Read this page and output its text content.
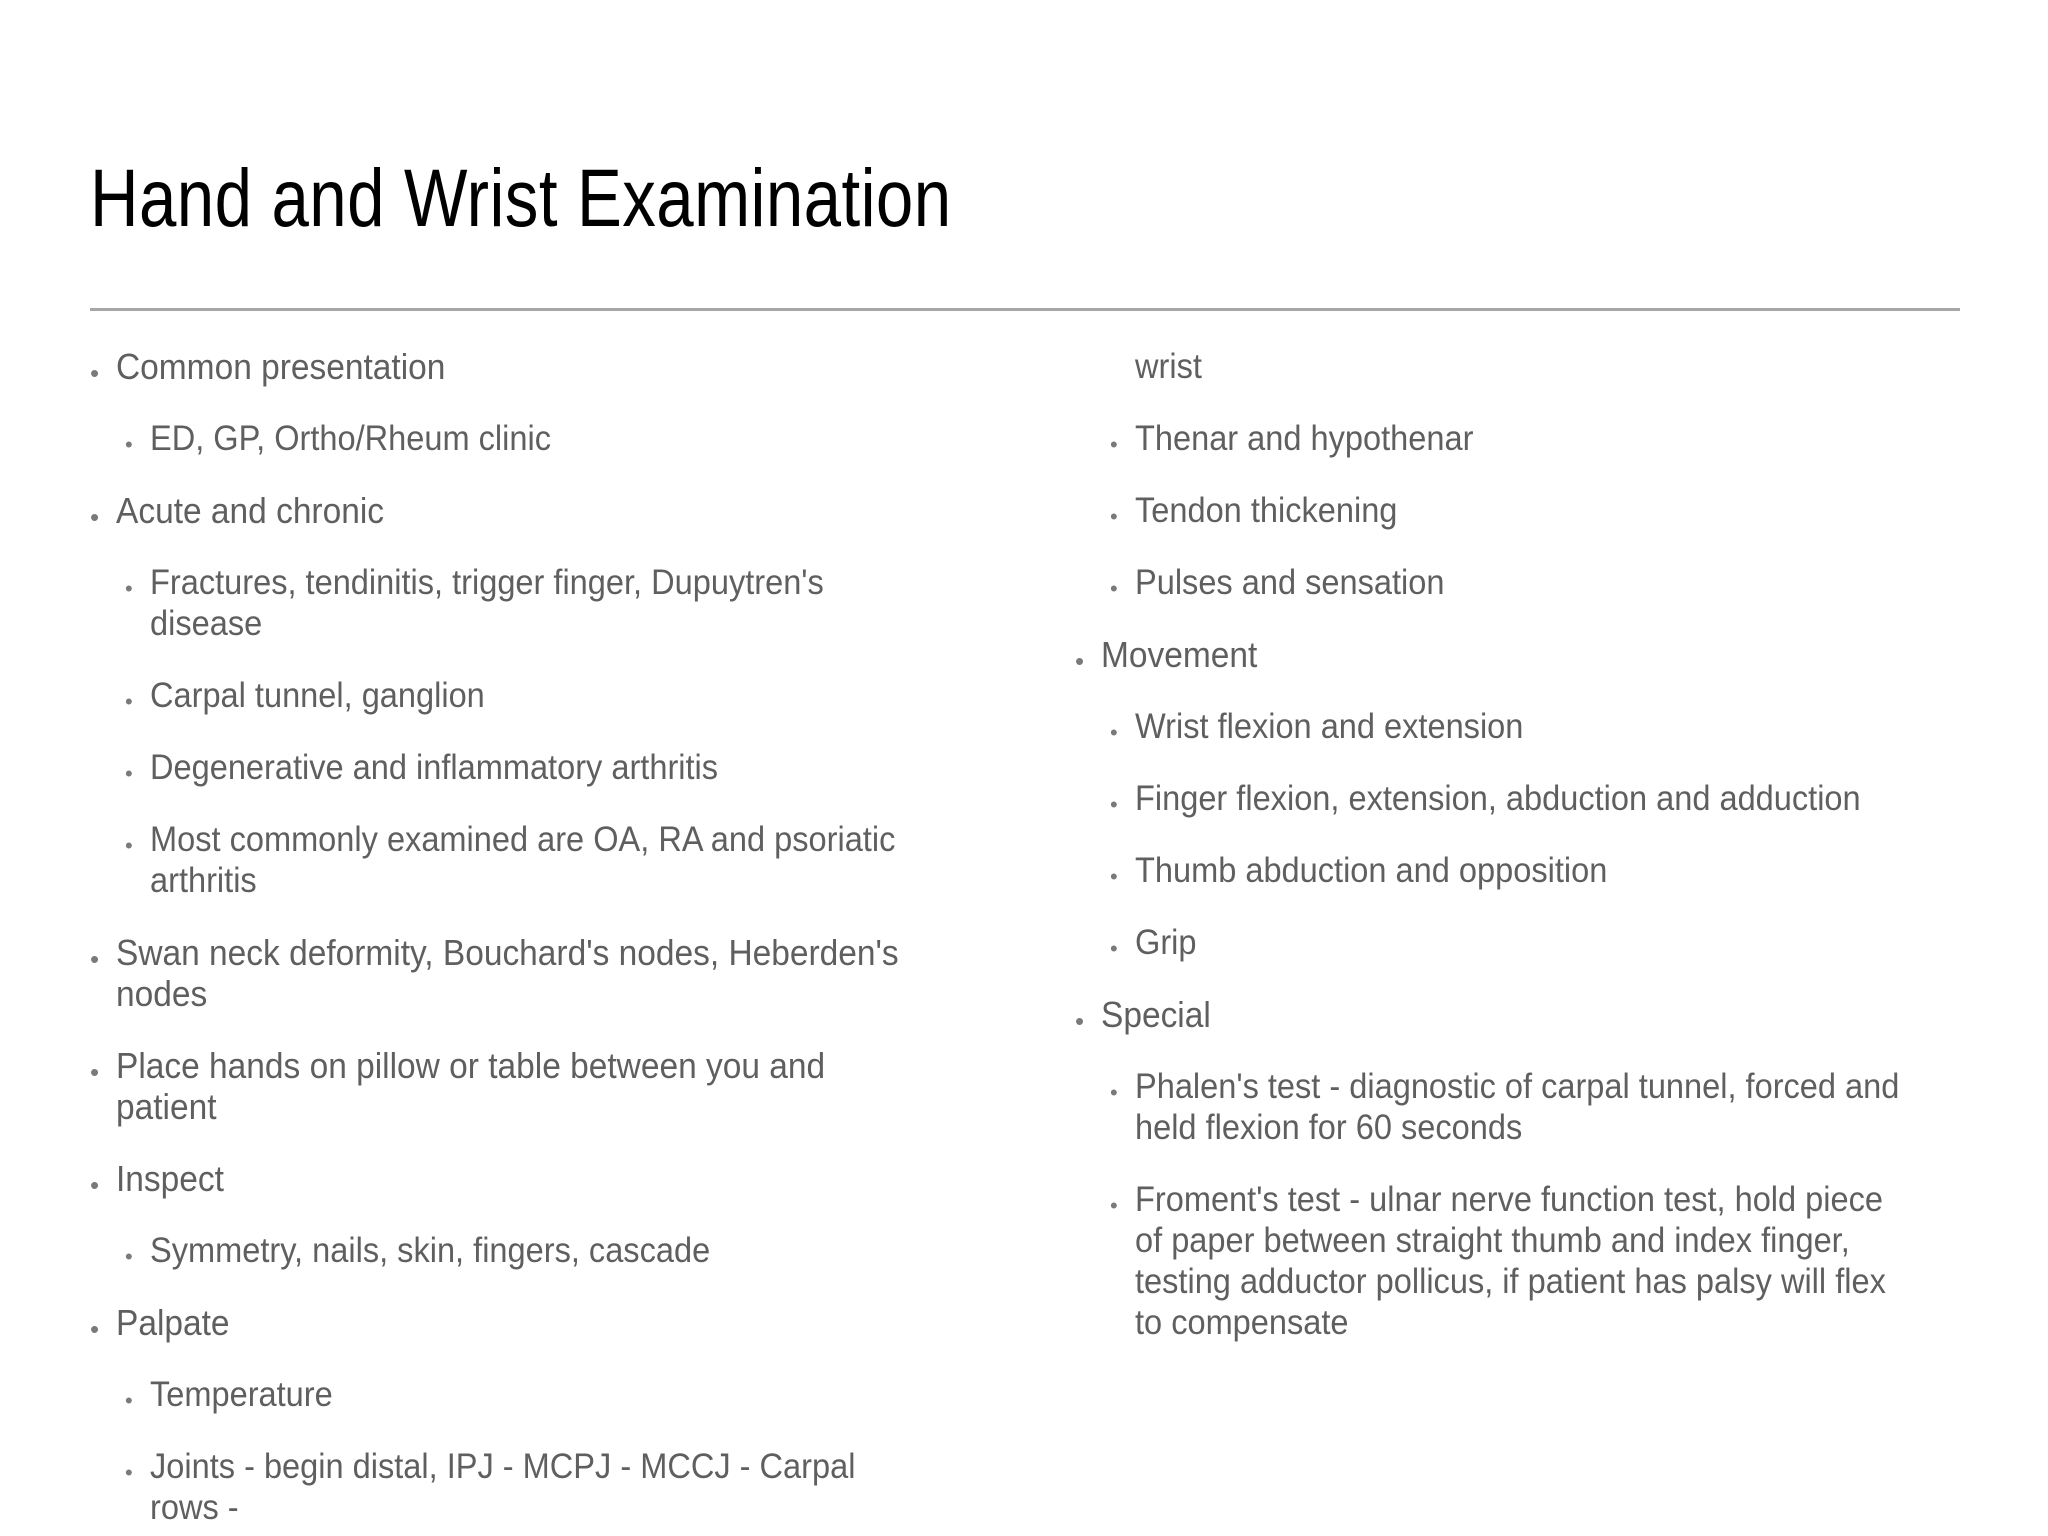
Hand and Wrist Examination
• Common presentation
• ED, GP, Ortho/Rheum clinic
• Acute and chronic
• Fractures, tendinitis, trigger finger, Dupuytren's disease
• Carpal tunnel, ganglion
• Degenerative and inflammatory arthritis
• Most commonly examined are OA, RA and psoriatic arthritis
• Swan neck deformity, Bouchard's nodes, Heberden's nodes
• Place hands on pillow or table between you and patient
• Inspect
• Symmetry, nails, skin, fingers, cascade
• Palpate
• Temperature
• Joints - begin distal, IPJ - MCPJ - MCCJ - Carpal rows -
wrist
• Thenar and hypothenar
• Tendon thickening
• Pulses and sensation
• Movement
• Wrist flexion and extension
• Finger flexion, extension, abduction and adduction
• Thumb abduction and opposition
• Grip
• Special
• Phalen's test - diagnostic of carpal tunnel, forced and held flexion for 60 seconds
• Froment's test - ulnar nerve function test, hold piece of paper between straight thumb and index finger, testing adductor pollicus, if patient has palsy will flex to compensate
